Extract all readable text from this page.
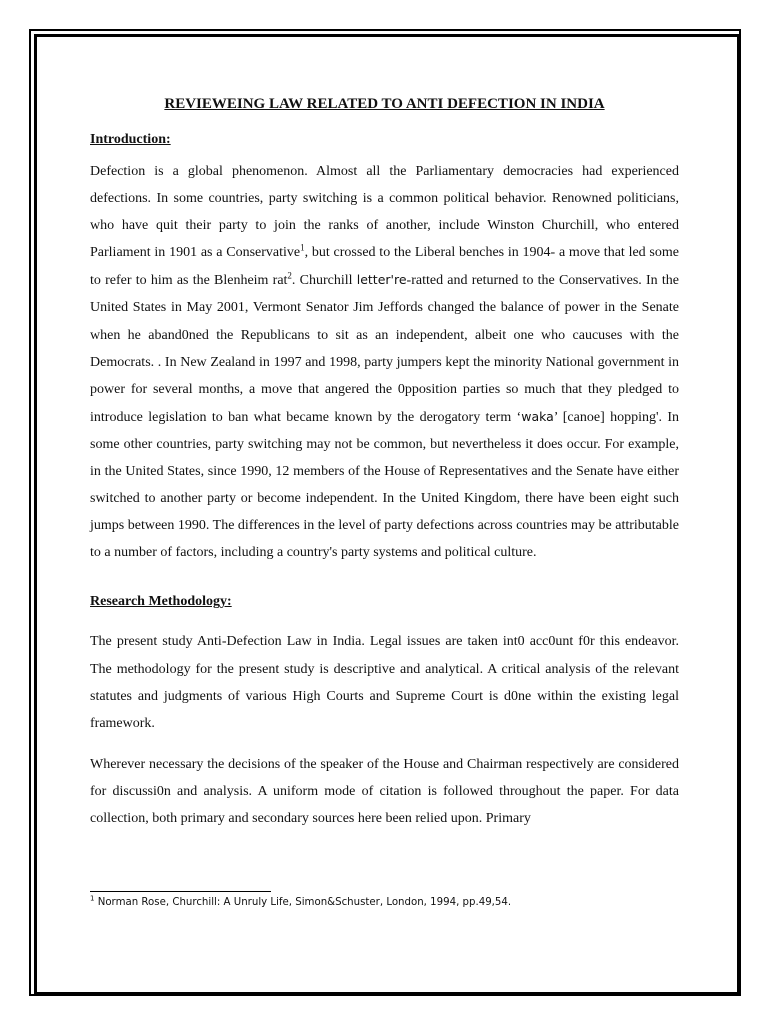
REVIEWEING LAW RELATED TO ANTI DEFECTION IN INDIA
Introduction:

Defection is a global phenomenon. Almost all the Parliamentary democracies had experienced defections. In some countries, party switching is a common political behavior. Renowned politicians, who have quit their party to join the ranks of another, include Winston Churchill, who entered Parliament in 1901 as a Conservative$^1$, but crossed to the Liberal benches in 1904- a move that led some to refer to him as the Blenheim rat$^2$. Churchill letter're-ratted and returned to the Conservatives. In the United States in May 2001, Vermont Senator Jim Jeffords changed the balance of power in the Senate when he aband0ned the Republicans to sit as an independent, albeit one who caucuses with the Democrats. . In New Zealand in 1997 and 1998, party jumpers kept the minority National government in power for several months, a move that angered the 0pposition parties so much that they pledged to introduce legislation to ban what became known by the derogatory term ‘waka’ [canoe] hopping'. In some other countries, party switching may not be common, but nevertheless it does occur. For example, in the United States, since 1990, 12 members of the House of Representatives and the Senate have either switched to another party or become independent. In the United Kingdom, there have been eight such jumps between 1990. The differences in the level of party defections across countries may be attributable to a number of factors, including a country's party systems and political culture.

Research Methodology:

The present study Anti-Defection Law in India. Legal issues are taken int0 acc0unt f0r this endeavor. The methodology for the present study is descriptive and analytical. A critical analysis of the relevant statutes and judgments of various High Courts and Supreme Court is d0ne within the existing legal framework.

Wherever necessary the decisions of the speaker of the House and Chairman respectively are considered for discussi0n and analysis. A uniform mode of citation is followed throughout the paper. For data collection, both primary and secondary sources here been relied upon. Primary

$^1$ Norman Rose, Churchill: A Unruly Life, Simon&Schuster, London, 1994, pp.49,54.
